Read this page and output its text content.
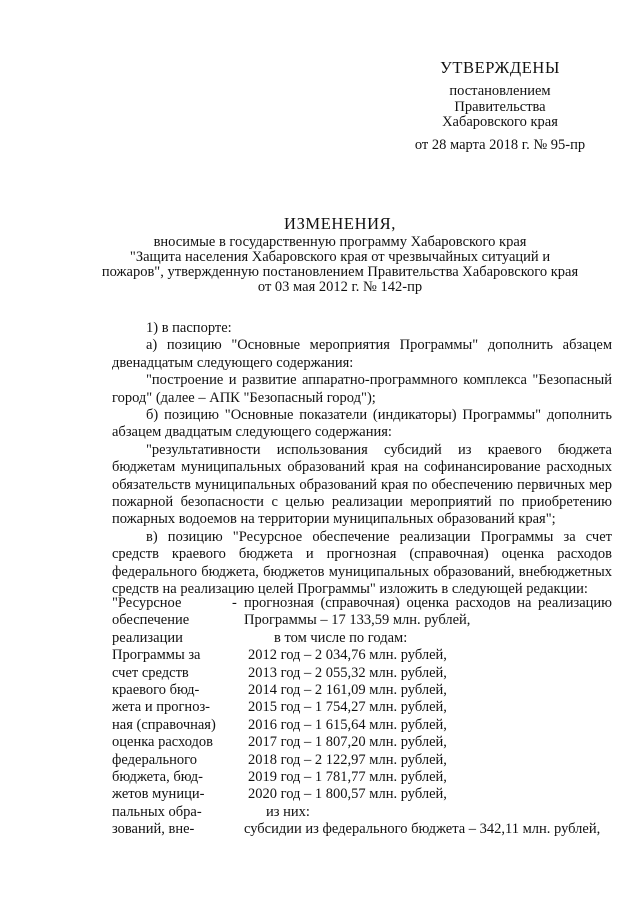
УТВЕРЖДЕНЫ
постановлением
Правительства
Хабаровского края
от 28 марта 2018 г. № 95-пр
ИЗМЕНЕНИЯ,
вносимые в государственную программу Хабаровского края
"Защита населения Хабаровского края от чрезвычайных ситуаций и
пожаров", утвержденную постановлением Правительства Хабаровского края
от 03 мая 2012 г. № 142-пр

1) в паспорте:

а) позицию "Основные мероприятия Программы" дополнить абзацем двенадцатым следующего содержания:

"построение и развитие аппаратно-программного комплекса "Безопасный город" (далее – АПК "Безопасный город");

б) позицию "Основные показатели (индикаторы) Программы" дополнить абзацем двадцатым следующего содержания:

"результативности использования субсидий из краевого бюджета бюджетам муниципальных образований края на софинансирование расходных обязательств муниципальных образований края по обеспечению первичных мер пожарной безопасности с целью реализации мероприятий по приобретению пожарных водоемов на территории муниципальных образований края";

в) позицию "Ресурсное обеспечение реализации Программы за счет средств краевого бюджета и прогнозная (справочная) оценка расходов федерального бюджета, бюджетов муниципальных образований, внебюджетных средств на реализацию целей Программы" изложить в следующей редакции:

"Ресурсное
обеспечение
реализации
Программы за
счет средств
краевого бюд-
жета и прогноз-
ная (справочная)
оценка расходов
федерального
бюджета, бюд-
жетов муници-
пальных обра-
зований, вне-
- прогнозная (справочная) оценка расходов на реализацию Программы – 17 133,59 млн. рублей,
в том числе по годам:
2012 год – 2 034,76 млн. рублей,
2013 год – 2 055,32 млн. рублей,
2014 год – 2 161,09 млн. рублей,
2015 год – 1 754,27 млн. рублей,
2016 год – 1 615,64 млн. рублей,
2017 год – 1 807,20 млн. рублей,
2018 год – 2 122,97 млн. рублей,
2019 год – 1 781,77 млн. рублей,
2020 год – 1 800,57 млн. рублей,
из них:
субсидии из федерального бюджета – 342,11 млн. рублей,
